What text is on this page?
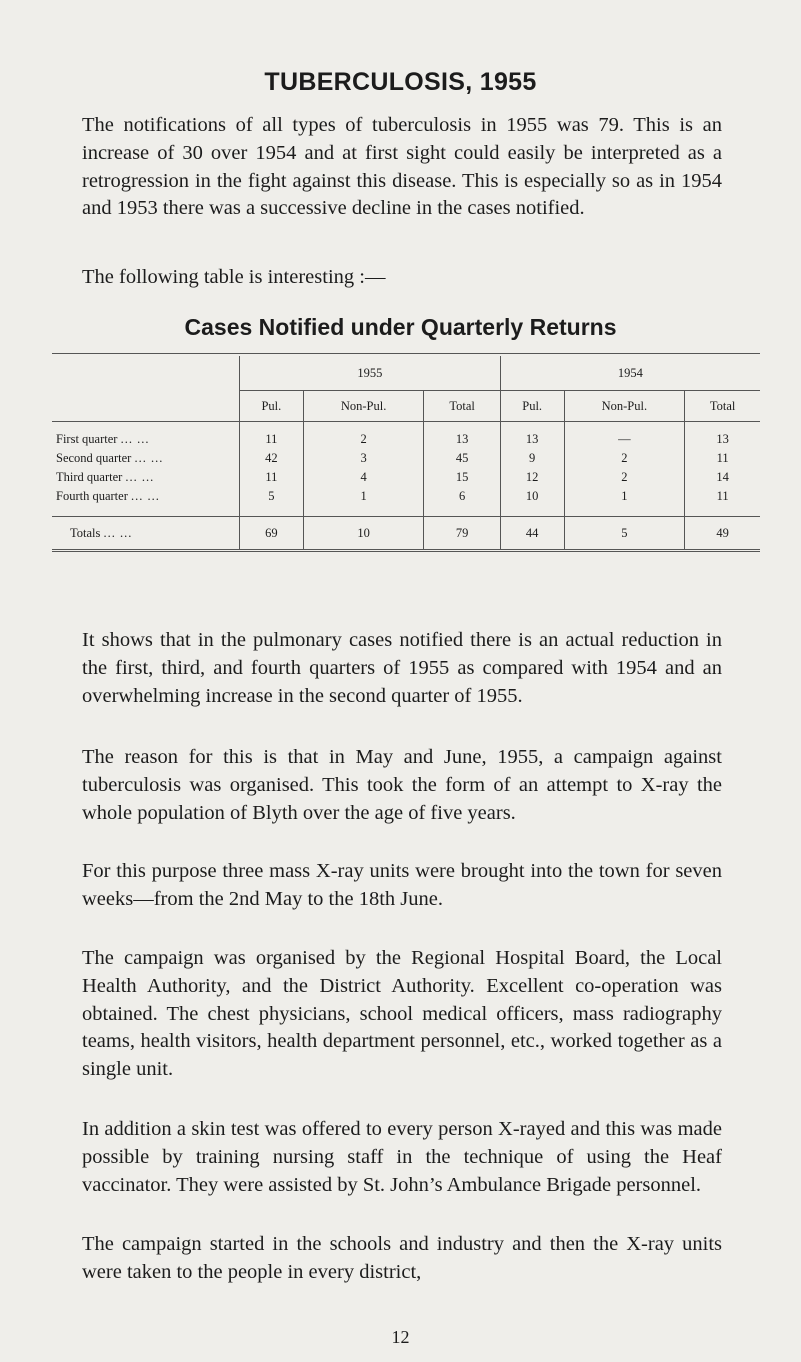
TUBERCULOSIS, 1955

The notifications of all types of tuberculosis in 1955 was 79. This is an increase of 30 over 1954 and at first sight could easily be interpreted as a retrogression in the fight against this disease. This is especially so as in 1954 and 1953 there was a successive decline in the cases notified.

The following table is interesting :—

Cases Notified under Quarterly Returns

	1955			1954		
	Pul.	Non-Pul.	Total	Pul.	Non-Pul.	Total
First quarter ... ...	11	2	13	13	—	13
Second quarter ... ...	42	3	45	9	2	11
Third quarter ... ...	11	4	15	12	2	14
Fourth quarter ... ...	5	1	6	10	1	11
Totals ... ...	69	10	79	44	5	49

It shows that in the pulmonary cases notified there is an actual reduction in the first, third, and fourth quarters of 1955 as compared with 1954 and an overwhelming increase in the second quarter of 1955.

The reason for this is that in May and June, 1955, a campaign against tuberculosis was organised. This took the form of an attempt to X-ray the whole population of Blyth over the age of five years.

For this purpose three mass X-ray units were brought into the town for seven weeks—from the 2nd May to the 18th June.

The campaign was organised by the Regional Hospital Board, the Local Health Authority, and the District Authority. Excellent co-operation was obtained. The chest physicians, school medical officers, mass radiography teams, health visitors, health department personnel, etc., worked together as a single unit.

In addition a skin test was offered to every person X-rayed and this was made possible by training nursing staff in the technique of using the Heaf vaccinator. They were assisted by St. John’s Ambulance Brigade personnel.

The campaign started in the schools and industry and then the X-ray units were taken to the people in every district,

12
